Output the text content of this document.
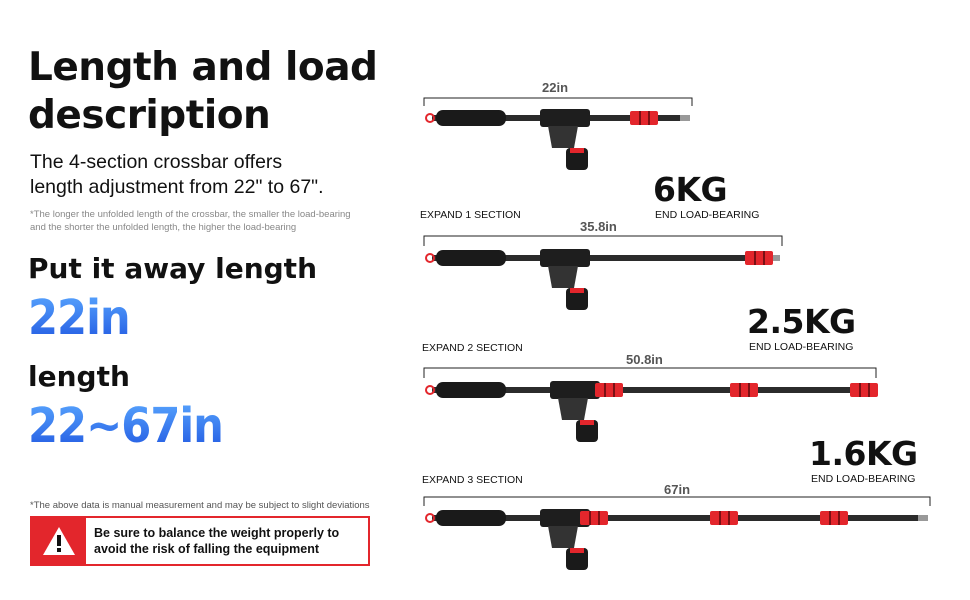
Length and load
description
The 4-section crossbar offers
length adjustment from 22" to 67".
*The longer the unfolded length of the crossbar, the smaller the load-bearing
and the shorter the unfolded length, the higher the load-bearing
Put it away length
22in
length
22~67in
*The above data is manual measurement and may be subject to slight deviations
Be sure to balance the weight properly to
avoid the risk of falling the equipment
22in
EXPAND 1 SECTION
35.8in
6KG
END LOAD-BEARING
EXPAND 2 SECTION
50.8in
2.5KG
END LOAD-BEARING
EXPAND 3 SECTION
67in
1.6KG
END LOAD-BEARING
